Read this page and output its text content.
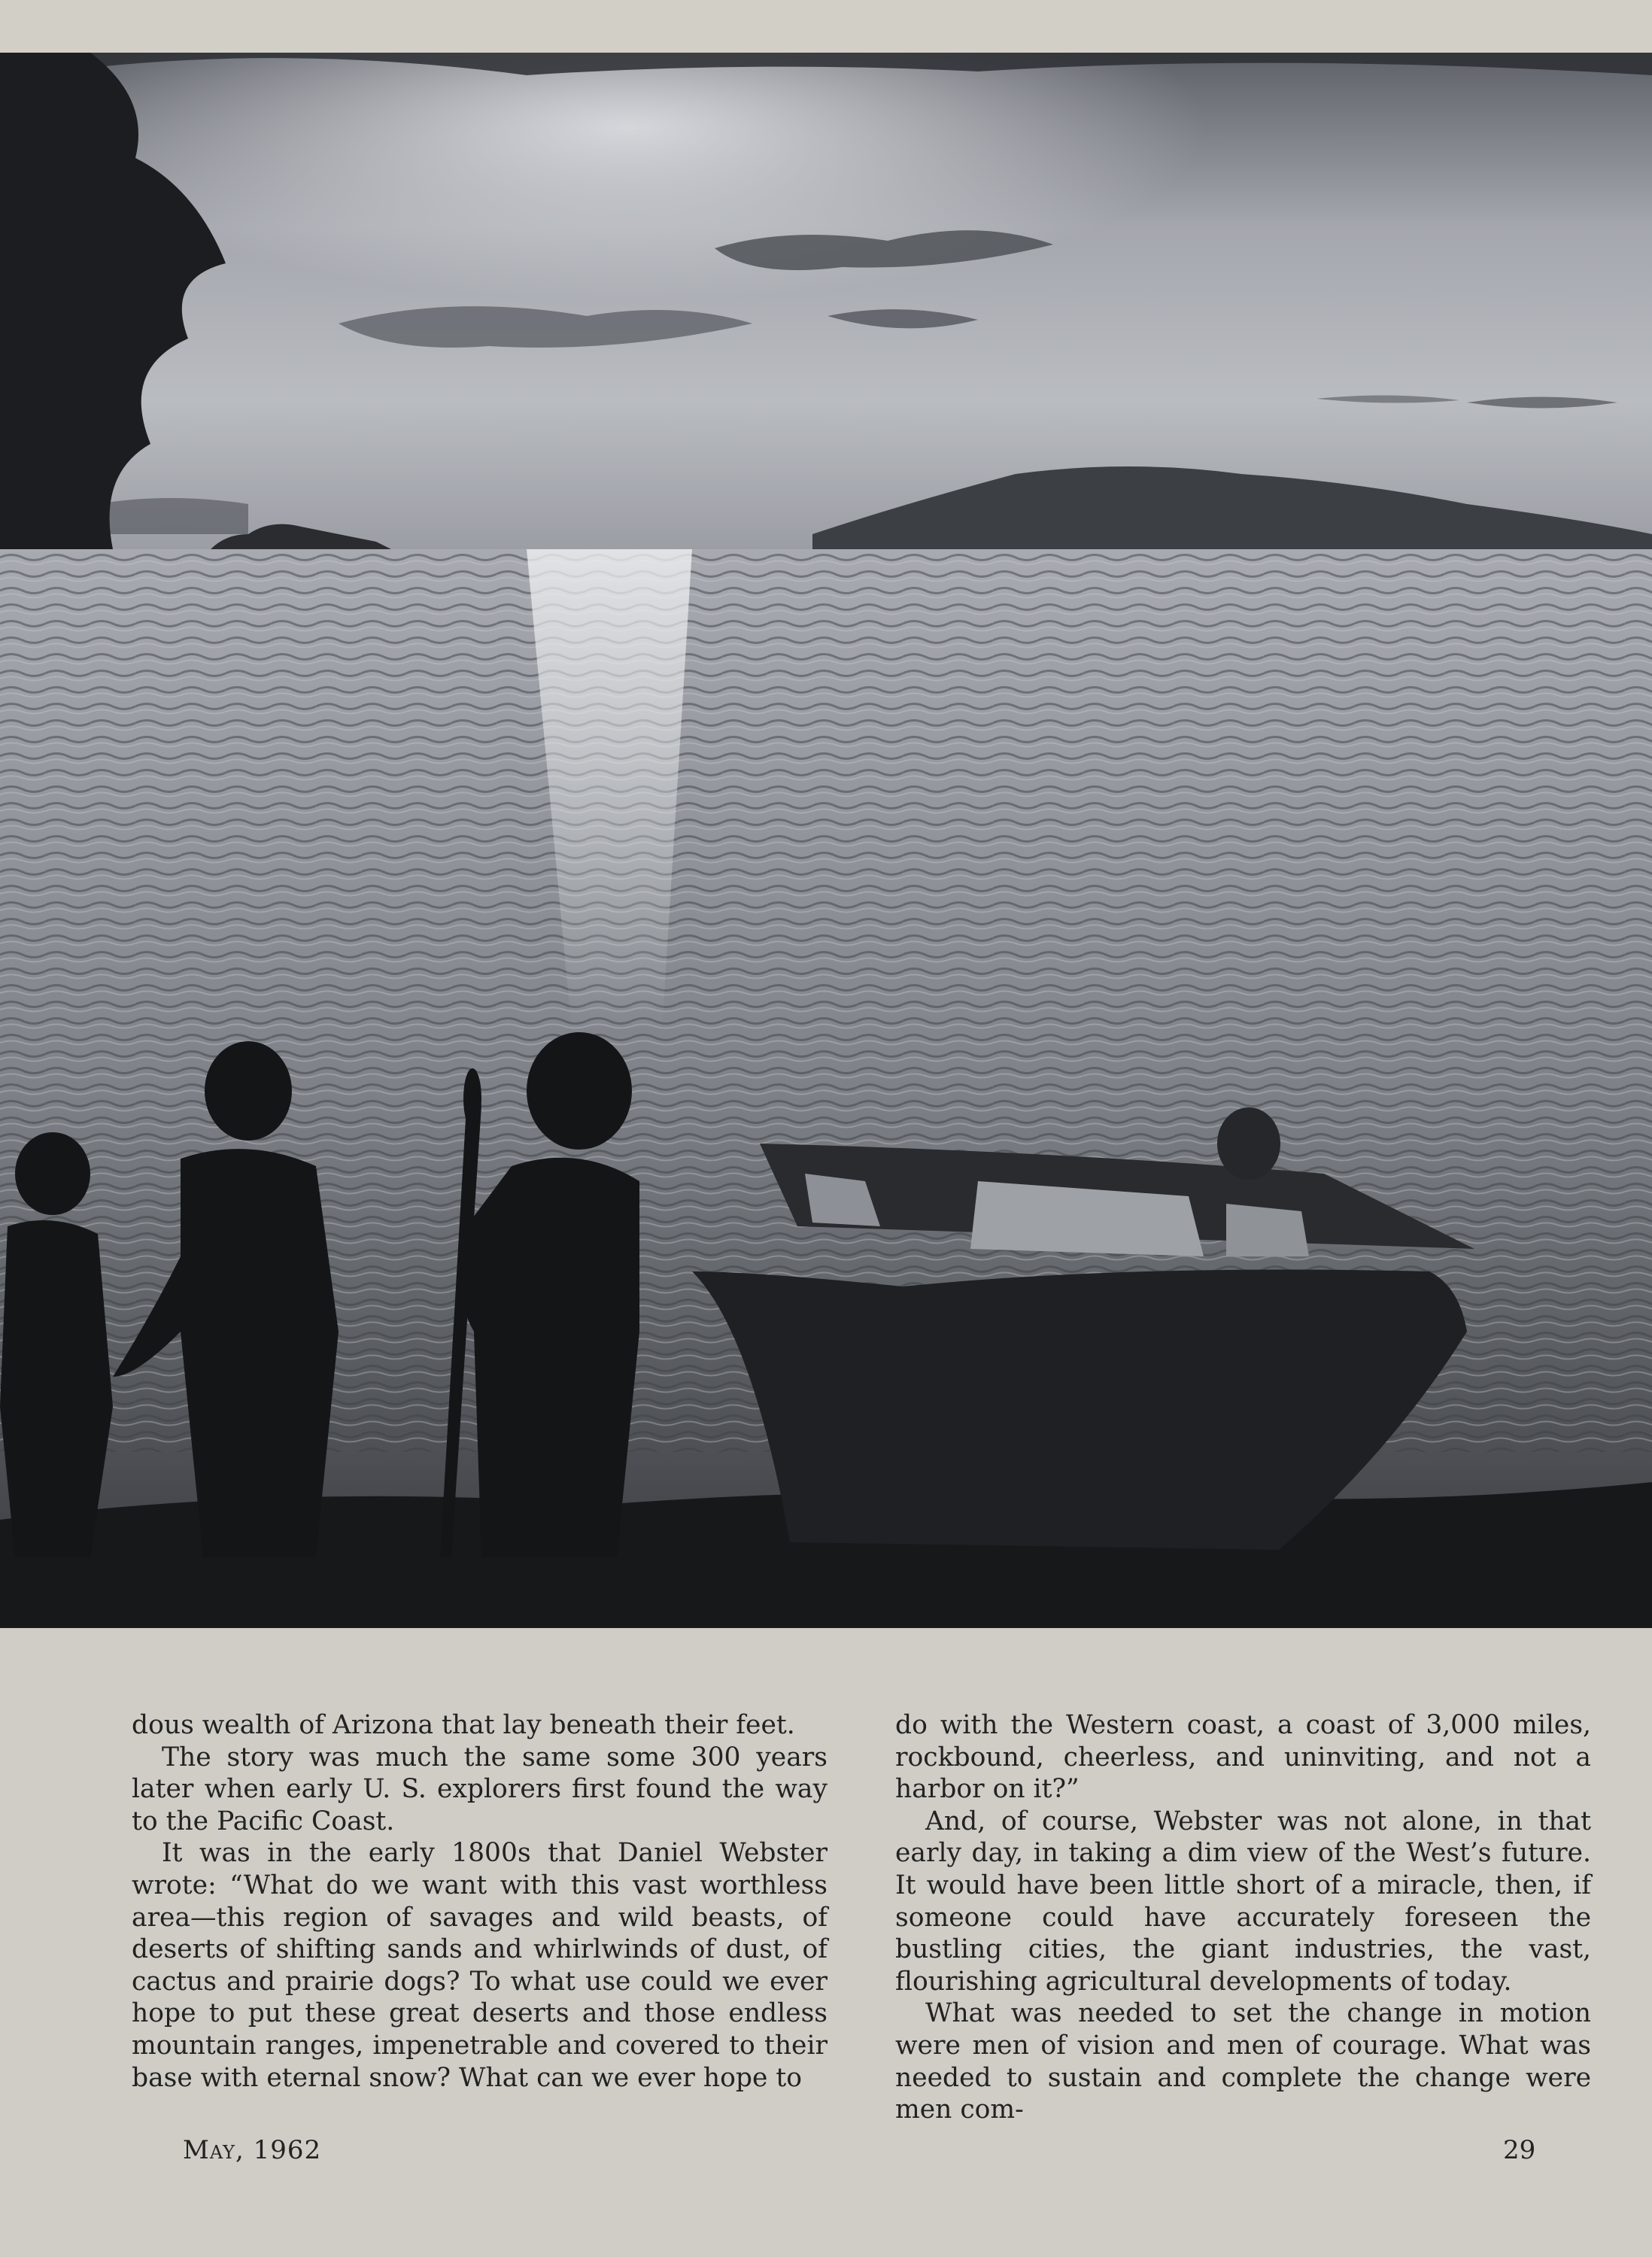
dous wealth of Arizona that lay beneath their feet.

The story was much the same some 300 years later when early U. S. explorers first found the way to the Pacific Coast.

It was in the early 1800s that Daniel Webster wrote: “What do we want with this vast worthless area—this region of savages and wild beasts, of deserts of shifting sands and whirlwinds of dust, of cactus and prairie dogs? To what use could we ever hope to put these great deserts and those endless mountain ranges, impenetrable and covered to their base with eternal snow? What can we ever hope to

do with the Western coast, a coast of 3,000 miles, rockbound, cheerless, and uninviting, and not a harbor on it?”

And, of course, Webster was not alone, in that early day, in taking a dim view of the West’s future. It would have been little short of a miracle, then, if someone could have accurately foreseen the bustling cities, the giant industries, the vast, flourishing agricultural developments of today.

What was needed to set the change in motion were men of vision and men of courage. What was needed to sustain and complete the change were men com-

May, 1962	29
